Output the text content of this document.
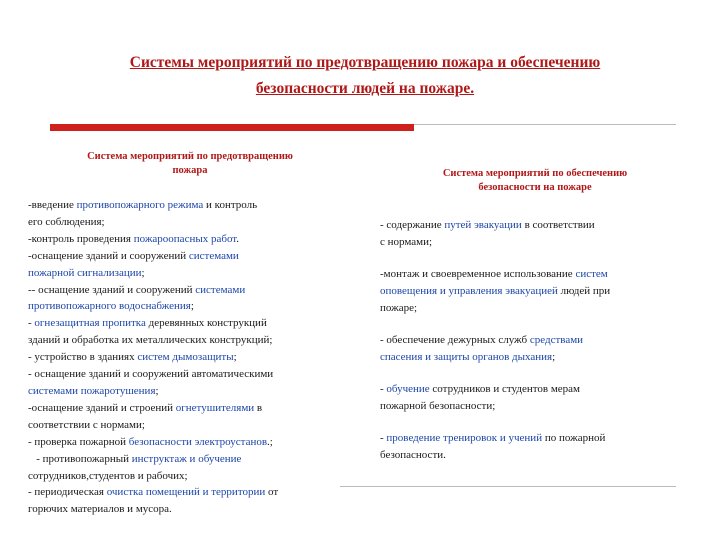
Системы мероприятий по предотвращению пожара и обеспечению
безопасности людей на пожаре.
Система мероприятий по предотвращению
пожара	Система мероприятий по обеспечению
безопасности на пожаре
-введение противопожарного режима и контроль
его соблюдения;
-контроль проведения пожароопасных работ.
-оснащение зданий и сооружений системами
пожарной сигнализации;
-- оснащение зданий и сооружений системами
противопожарного водоснабжения;
- огнезащитная пропитка деревянных конструкций
зданий и обработка их металлических конструкций;
- устройство в зданиях систем дымозащиты;
- оснащение зданий и сооружений автоматическими
системами пожаротушения;
-оснащение зданий и строений огнетушителями в
соответствии с нормами;
- проверка пожарной безопасности электроустанов.;
- противопожарный инструктаж и обучение
сотрудников,студентов и рабочих;
- периодическая очистка помещений и территории от
горючих материалов и мусора.
- содержание путей эвакуации в соответствии
с нормами;
-монтаж и своевременное использование систем
оповещения и управления эвакуацией людей при
пожаре;
- обеспечение дежурных служб средствами
спасения и защиты органов дыхания;
- обучение сотрудников и студентов мерам
пожарной безопасности;
- проведение тренировок и учений по пожарной
безопасности.
